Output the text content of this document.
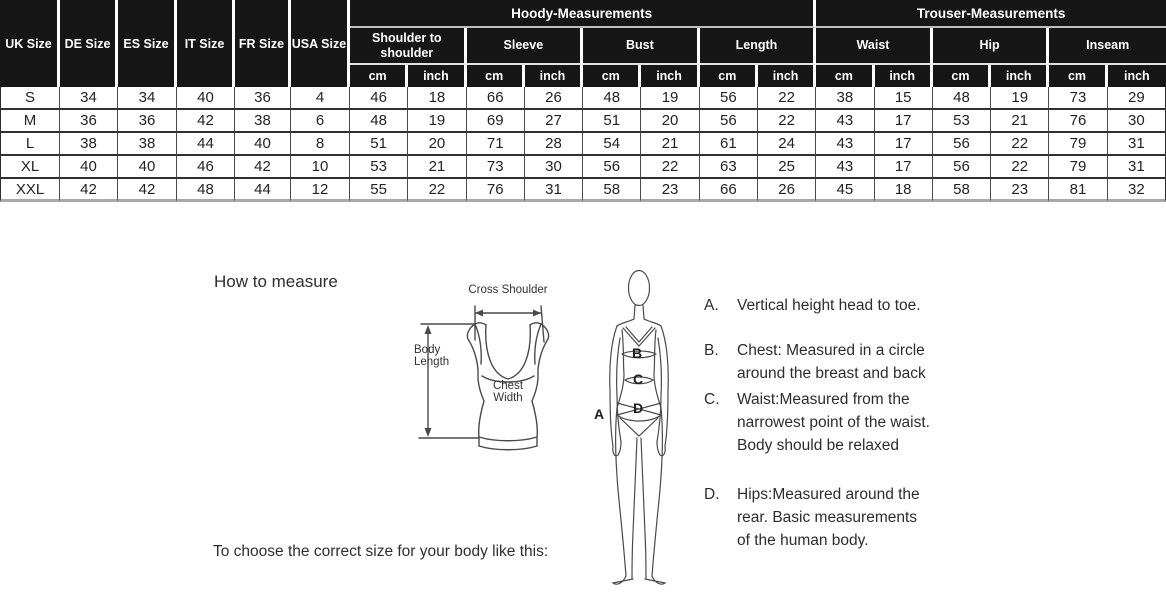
UK Size	DE Size	ES Size	IT Size	FR Size	USA Size	Hoody-Measurements								Trouser-Measurements					
						Shoulder to shoulder		Sleeve		Bust		Length		Waist		Hip		Inseam	
						cm	inch	cm	inch	cm	inch	cm	inch	cm	inch	cm	inch	cm	inch
S	34	34	40	36	4	46	18	66	26	48	19	56	22	38	15	48	19	73	29
M	36	36	42	38	6	48	19	69	27	51	20	56	22	43	17	53	21	76	30
L	38	38	44	40	8	51	20	71	28	54	21	61	24	43	17	56	22	79	31
XL	40	40	46	42	10	53	21	73	30	56	22	63	25	43	17	56	22	79	31
XXL	42	42	48	44	12	55	22	76	31	58	23	66	26	45	18	58	23	81	32
How to measure	Cross Shoulder
Body Length
Chest Width
A
B
C
D
A.	Vertical height head to toe.
B.	Chest: Measured in a circle
around the breast and back
C.	Waist:Measured from the
narrowest point of the waist.
Body should be relaxed
D.	Hips:Measured around the
rear. Basic measurements
of the human body.
To choose the correct size for your body like this:
